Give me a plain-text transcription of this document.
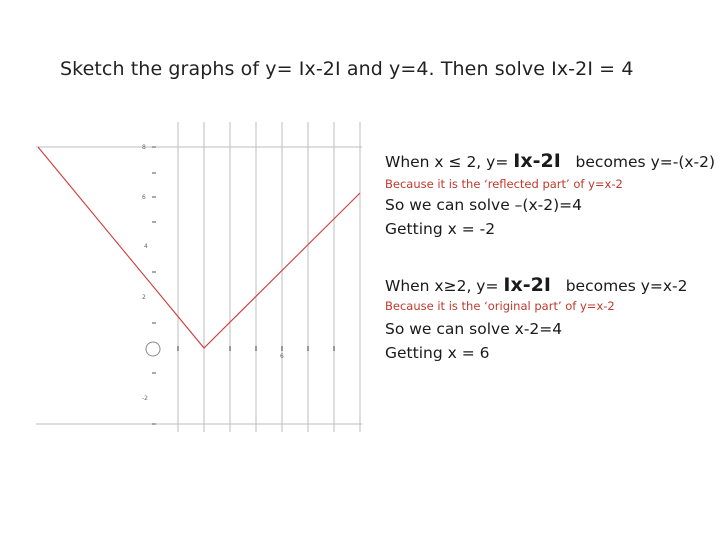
Sketch the graphs of y= Ix-2I and y=4. Then solve Ix-2I = 4
8
6
4
2
-2
6
When x ≤ 2, y= Ix-2I becomes y=-(x-2)
Because it is the ‘reflected part’ of y=x-2
So we can solve –(x-2)=4
Getting x = -2
When x≥2, y= Ix-2I becomes y=x-2
Because it is the ‘original part’ of y=x-2
So we can solve x-2=4
Getting x = 6
